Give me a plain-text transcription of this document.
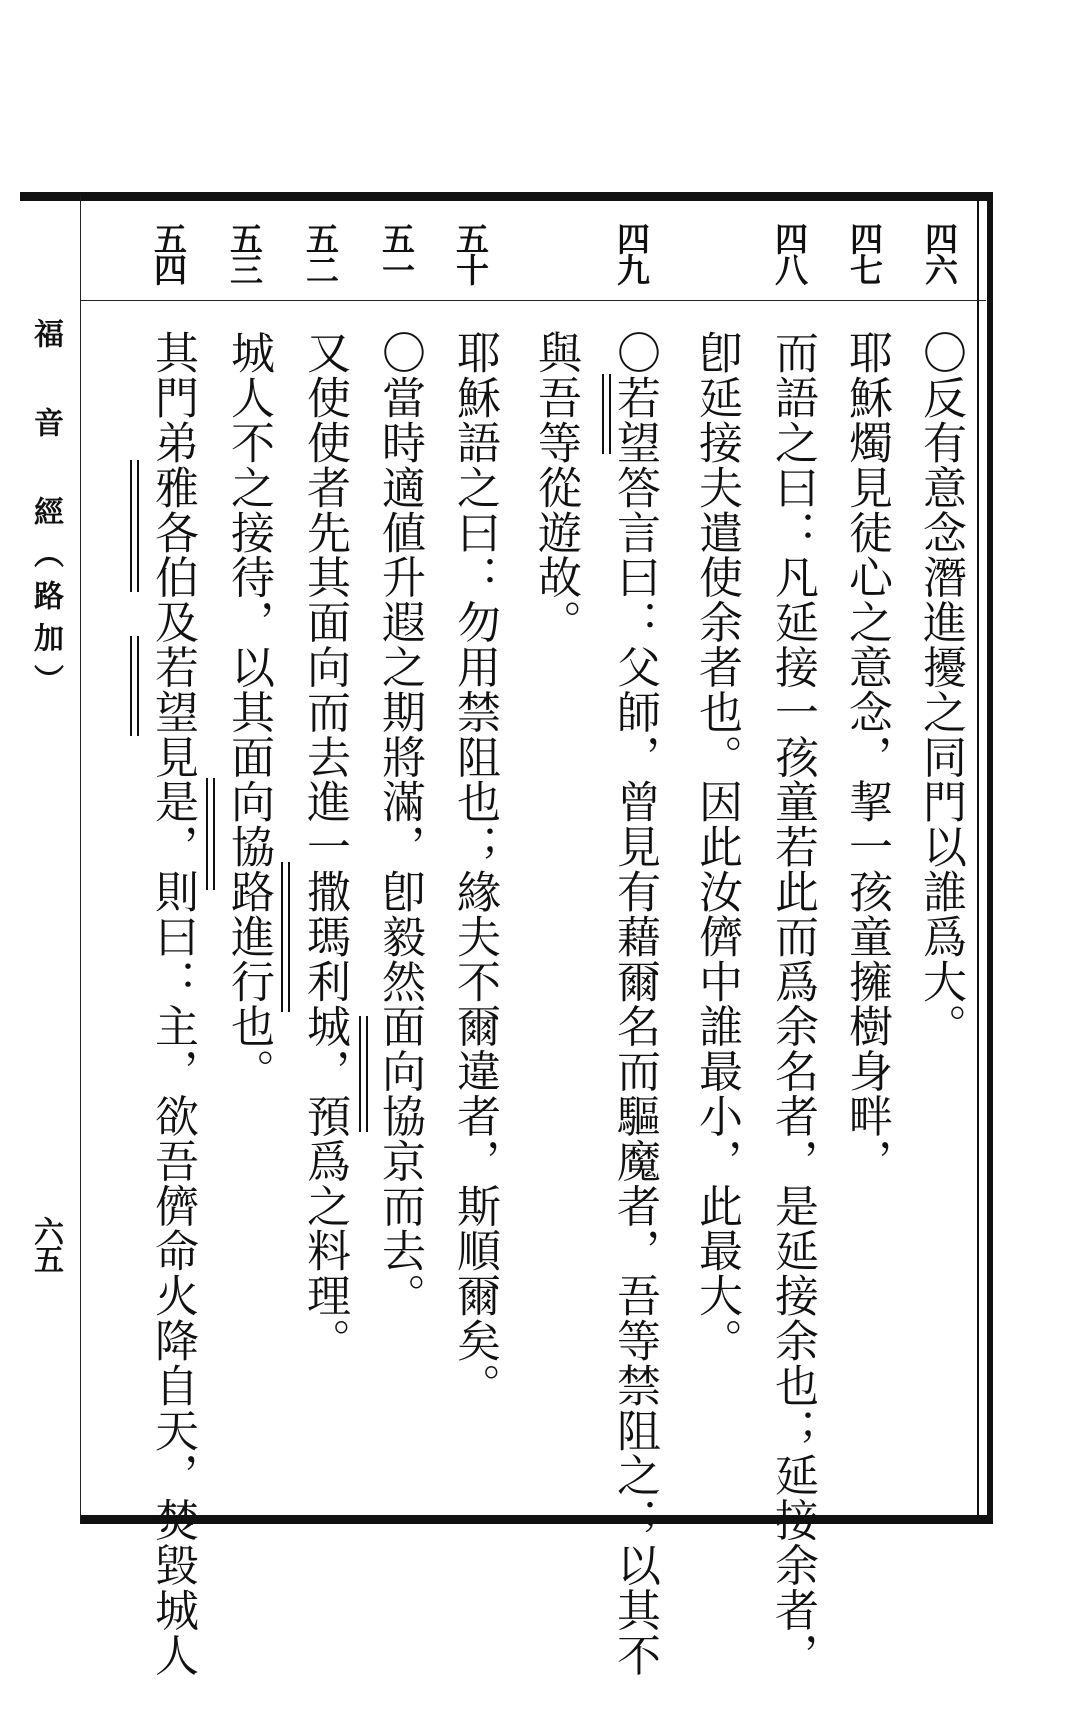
福 音 經（路加）
六五
四六
〇反有意念潛進擾之同門以誰爲大。
四七
耶穌燭見徒心之意念，挈一孩童擁樹身畔，
四八
而語之曰：凡延接一孩童若此而爲余名者，是延接余也；延接余者，
卽延接夫遣使余者也。因此汝儕中誰最小，此最大。
四九
〇若望答言曰：父師，曾見有藉爾名而驅魔者，吾等禁阻之；以其不
與吾等從遊故。
五十
耶穌語之曰：勿用禁阻也；緣夫不爾違者，斯順爾矣。
五一
〇當時適値升遐之期將滿，卽毅然面向協京而去。
五二
又使使者先其面向而去進一撒瑪利城，預爲之料理。
五三
城人不之接待，以其面向協路進行也。
五四
其門弟雅各伯及若望見是，則曰：主，欲吾儕命火降自天，焚毀城人
